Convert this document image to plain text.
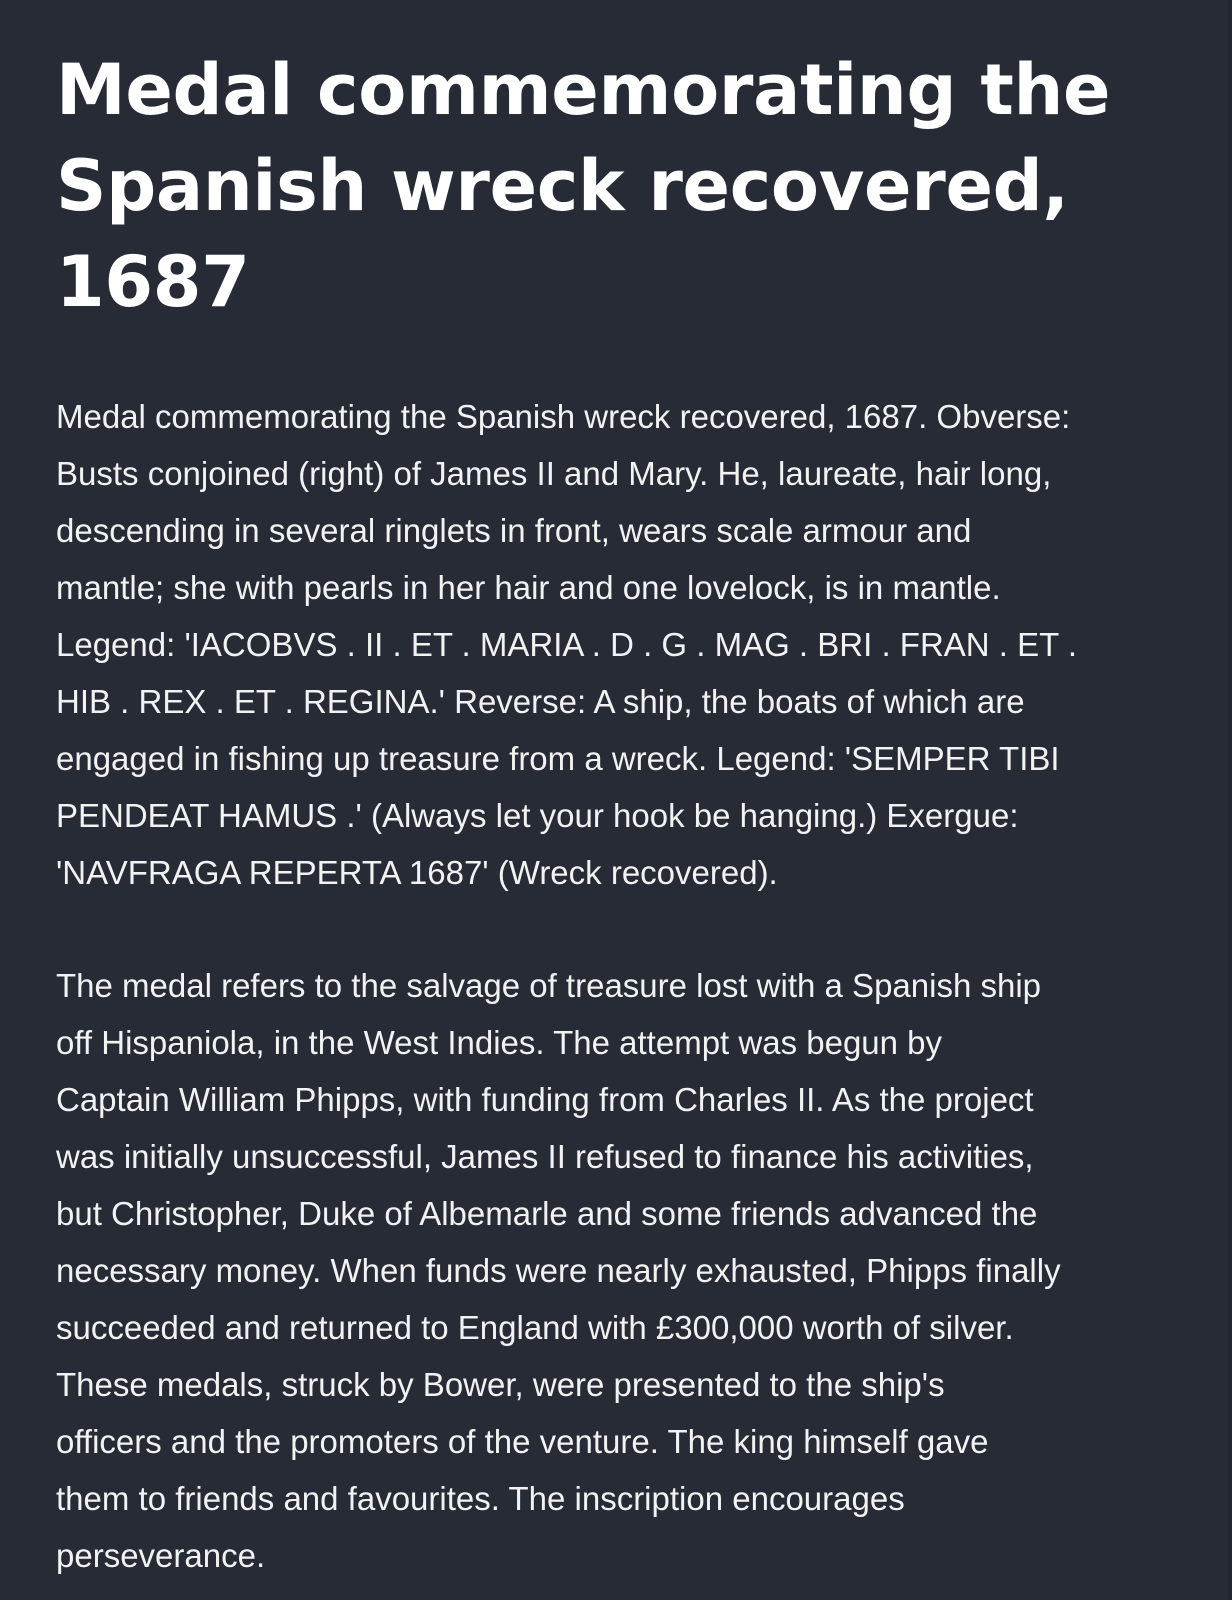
Medal commemorating the
Spanish wreck recovered,
1687

Medal commemorating the Spanish wreck recovered, 1687. Obverse:
Busts conjoined (right) of James II and Mary. He, laureate, hair long,
descending in several ringlets in front, wears scale armour and
mantle; she with pearls in her hair and one lovelock, is in mantle.
Legend: 'IACOBVS . II . ET . MARIA . D . G . MAG . BRI . FRAN . ET .
HIB . REX . ET . REGINA.' Reverse: A ship, the boats of which are
engaged in fishing up treasure from a wreck. Legend: 'SEMPER TIBI
PENDEAT HAMUS .' (Always let your hook be hanging.) Exergue:
'NAVFRAGA REPERTA 1687' (Wreck recovered).

The medal refers to the salvage of treasure lost with a Spanish ship
off Hispaniola, in the West Indies. The attempt was begun by
Captain William Phipps, with funding from Charles II. As the project
was initially unsuccessful, James II refused to finance his activities,
but Christopher, Duke of Albemarle and some friends advanced the
necessary money. When funds were nearly exhausted, Phipps finally
succeeded and returned to England with £300,000 worth of silver.
These medals, struck by Bower, were presented to the ship's
officers and the promoters of the venture. The king himself gave
them to friends and favourites. The inscription encourages
perseverance.
